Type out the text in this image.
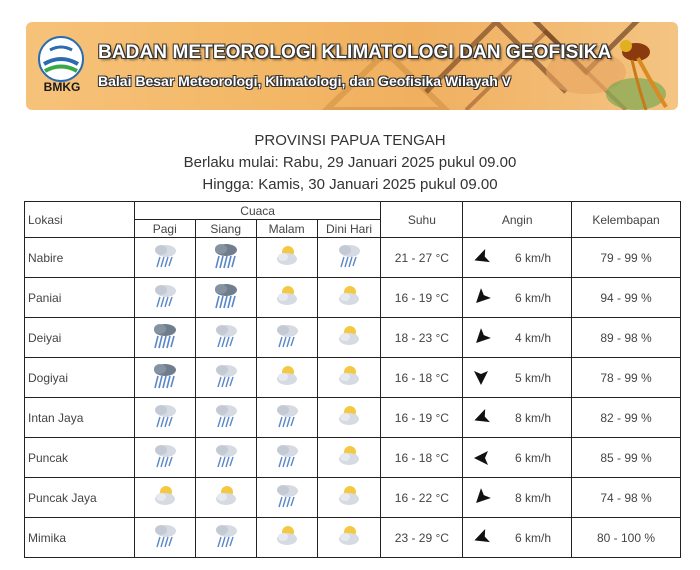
BMKG
BADAN METEOROLOGI KLIMATOLOGI DAN GEOFISIKA
Balai Besar Meteorologi, Klimatologi, dan Geofisika Wilayah V
PROVINSI PAPUA TENGAH
Berlaku mulai: Rabu, 29 Januari 2025 pukul 09.00
Hingga: Kamis, 30 Januari 2025 pukul 09.00
Lokasi	Cuaca				Suhu	Angin	Kelembapan
	Pagi	Siang	Malam	Dini Hari			
Nabire					21 - 27 °C	6 km/h	79 - 99 %
Paniai					16 - 19 °C	6 km/h	94 - 99 %
Deiyai					18 - 23 °C	4 km/h	89 - 98 %
Dogiyai					16 - 18 °C	5 km/h	78 - 99 %
Intan Jaya					16 - 19 °C	8 km/h	82 - 99 %
Puncak					16 - 18 °C	6 km/h	85 - 99 %
Puncak Jaya					16 - 22 °C	8 km/h	74 - 98 %
Mimika					23 - 29 °C	6 km/h	80 - 100 %
